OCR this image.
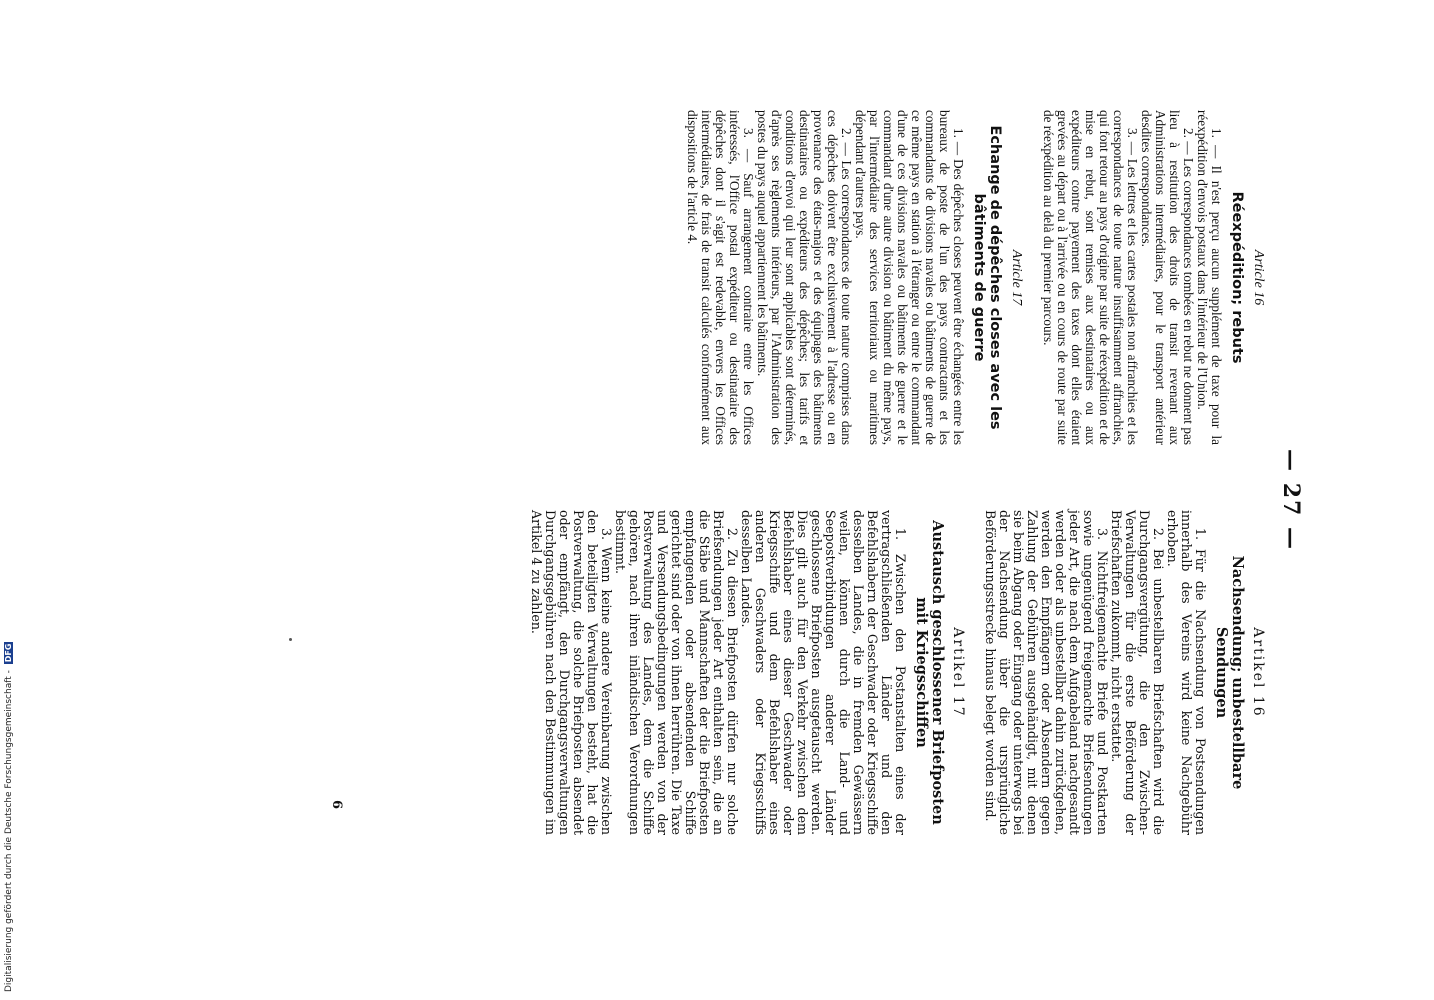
— 27 —
Article 16
Réexpédition; rebuts

1. — Il n'est perçu aucun supplément de taxe pour la réexpédition d'envois postaux dans l'intérieur de l'Union.

2. — Les correspondances tombées en rebut ne donnent pas lieu à restitution des droits de transit revenant aux Administrations intermédiaires, pour le transport antérieur desdites correspondances.

3. — Les lettres et les cartes postales non affranchies et les correspondances de toute nature insuffisamment affranchies, qui font retour au pays d'origine par suite de réexpédition et de mise en rebut, sont remises aux destinataires ou aux expéditeurs contre payement des taxes dont elles étaient grevées au départ ou à l'arrivée ou en cours de route par suite de réexpédition au delà du premier parcours.

Article 17
Echange de dépêches closes avec les bâtiments de guerre

1. — Des dépêches closes peuvent être échangées entre les bureaux de poste de l'un des pays contractants et les commandants de divisions navales ou bâtiments de guerre de ce même pays en station à l'étranger ou entre le commandant d'une de ces divisions navales ou bâtiments de guerre et le commandant d'une autre division ou bâtiment du même pays, par l'intermédiaire des services territoriaux ou maritimes dépendant d'autres pays.

2. — Les correspondances de toute nature comprises dans ces dépêches doivent être exclusivement à l'adresse ou en provenance des états-majors et des équipages des bâtiments destinataires ou expéditeurs des dépêches; les tarifs et conditions d'envoi qui leur sont applicables sont déterminés, d'après ses règlements intérieurs, par l'Administration des postes du pays auquel appartiennent les bâtiments.

3. — Sauf arrangement contraire entre les Offices intéressés, l'Office postal expéditeur ou destinataire des dépêches dont il s'agit est redevable, envers les Offices intermédiaires, de frais de transit calculés conformément aux dispositions de l'article 4.

Artikel 16
Nachsendung; unbestellbare Sendungen

1. Für die Nachsendung von Postsendungen innerhalb des Vereins wird keine Nachgebühr erhoben.

2. Bei unbestellbaren Briefschaften wird die Durchgangsvergütung, die den Zwischen-Verwaltungen für die erste Beförderung der Briefschaften zukommt, nicht erstattet.

3. Nichtfreigemachte Briefe und Postkarten sowie ungenügend freigemachte Briefsendungen jeder Art, die nach dem Aufgabeland nachgesandt werden oder als unbestellbar dahin zurückgehen, werden den Empfängern oder Absendern gegen Zahlung der Gebühren ausgehändigt, mit denen sie beim Abgang oder Eingang oder unterwegs bei der Nachsendung über die ursprüngliche Beförderungsstrecke hinaus belegt worden sind.

Artikel 17
Austausch geschlossener Briefposten mit Kriegsschiffen

1. Zwischen den Postanstalten eines der vertragschließenden Länder und den Befehlshabern der Geschwader oder Kriegsschiffe desselben Landes, die in fremden Gewässern weilen, können durch die Land- und Seepostverbindungen anderer Länder geschlossene Briefposten ausgetauscht werden. Dies gilt auch für den Verkehr zwischen dem Befehlshaber eines dieser Geschwader oder Kriegsschiffe und dem Befehlshaber eines anderen Geschwaders oder Kriegsschiffs desselben Landes.

2. Zu diesen Briefposten dürfen nur solche Briefsendungen jeder Art enthalten sein, die an die Stäbe und Mannschaften der die Briefposten empfangenden oder absendenden Schiffe gerichtet sind oder von ihnen herrühren. Die Taxe und Versendungsbedingungen werden von der Postverwaltung des Landes, dem die Schiffe gehören, nach ihren inländischen Verordnungen bestimmt.

3. Wenn keine andere Vereinbarung zwischen den beteiligten Verwaltungen besteht, hat die Postverwaltung, die solche Briefposten absendet oder empfängt, den Durchgangsverwaltungen Durchgangsgebühren nach den Bestimmungen im Artikel 4 zu zahlen.

6
Digitalisierung gefördert durch die Deutsche Forschungsgemeinschaft - DFG
